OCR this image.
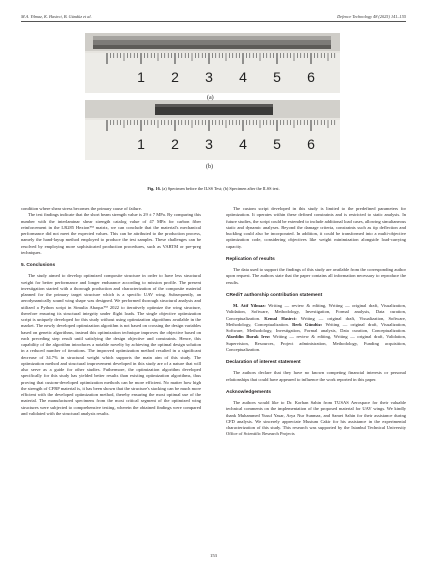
M.A. Yilmaz, K. Hasirci, B. Gündüz et al.	Defence Technology 48 (2025) 141–155
1 2 3 4 5 6
(b)
1 2 3 4 5 6
(a)
Fig. 16. (a) Specimen before the ILSS Test; (b) Specimen after the ILSS test.

condition where shear stress becomes the primary cause of failure.

The test findings indicate that the short beam strength value is 29 ± 7 MPa. By comparing this number with the interlaminar shear strength catalog value of 47 MPa for carbon fiber reinforcement in the LR285 Hexion™ matrix, we can conclude that the material's mechanical performance did not meet the expected values. This can be attributed to the production process, namely the hand-layup method employed to produce the test samples. These challenges can be resolved by employing more sophisticated production procedures, such as VARTM or pre-preg techniques.

5. Conclusions

The study aimed to develop optimized composite structure in order to have less structural weight for better performance and longer endurance according to mission profile. The present investigation started with a thorough production and characterization of the composite material planned for the primary target structure which is a specific UAV wing. Subsequently, an aerodynamically sound wing shape was designed. We performed thorough structural analysis and utilized a Python script in Simulia Abaqus™ 2022 to iteratively optimize the wing structure, therefore ensuring its structural integrity under flight loads. The single objective optimization script is uniquely developed for this study without using optimization algorithms available in the market. The newly developed optimization algorithm is not based on crossing the design variables based on genetic algorithms, instead this optimization technique improves the objective based on each preceding step result until satisfying the design objective and constraints. Hence, this capability of the algorithm introduces a notable novelty by achieving the optimal design solution in a reduced number of iterations. The improved optimization method resulted in a significant decrease of 34.7% in structural weight which supports the main aim of this study. The optimization method and structural improvement developed in this study are of a nature that will also serve as a guide for other studies. Futhermore, the optimization algorithm developed specifically for this study has yielded better results than existing optimization algorithms, thus proving that custom-developed optimization methods can be more efficient. No matter how high the strength of CFRP material is, it has been shown that the structure's stacking can be much more efficient with the developed optimization method, thereby ensuring the most optimal use of the material. The manufactured specimens from the most critical segment of the optimized wing structures were subjected to comprehensive testing, wherein the obtained findings were compared and validated with the structural analysis results.

The custom script developed in this study is limited to the predefined parameters for optimization. It operates within these defined constraints and is restricted to static analysis. In future studies, the script could be extended to include additional load cases, allowing simultaneous static and dynamic analyses. Beyond the damage criteria, constraints such as tip deflection and buckling could also be incorporated. In addition, it could be transformed into a multi-objective optimization code, considering objectives like weight minimization alongside load-carrying capacity.

Replication of results

The data used to support the findings of this study are available from the corresponding author upon request. The authors state that the paper contains all information necessary to reproduce the results.

CRediT authorship contribution statement

M. Atif Yilmaz: Writing — review & editing, Writing — original draft, Visualization, Validation, Software, Methodology, Investigation, Formal analysis, Data curation, Conceptualization. Kemal Hasirci: Writing — original draft, Visualization, Software, Methodology, Conceptualization. Berk Gündüz: Writing — original draft, Visualization, Software, Methodology, Investigation, Formal analysis, Data curation, Conceptualization. Alaeddin Burak Irez: Writing — review & editing, Writing — original draft, Validation, Supervision, Resources, Project administration, Methodology, Funding acquisition, Conceptualization.

Declaration of interest statement

The authors declare that they have no known competing financial interests or personal relationships that could have appeared to influence the work reported in this paper.

Acknowledgements

The authors would like to Dr. Korhan Sahin from TUSAS Aerospace for their valuable technical comments on the implementation of the proposed material for UAV wings. We kindly thank Muhammed Yusuf Yasar, Arya Nur Sunmaz, and Samet Sahin for their assistance during CFD analysis. We sincerely appreciate Mustum Cakir for his assistance in the experimental characterization of this study. This research was supported by the Istanbul Technical University Office of Scientific Research Projects

153
